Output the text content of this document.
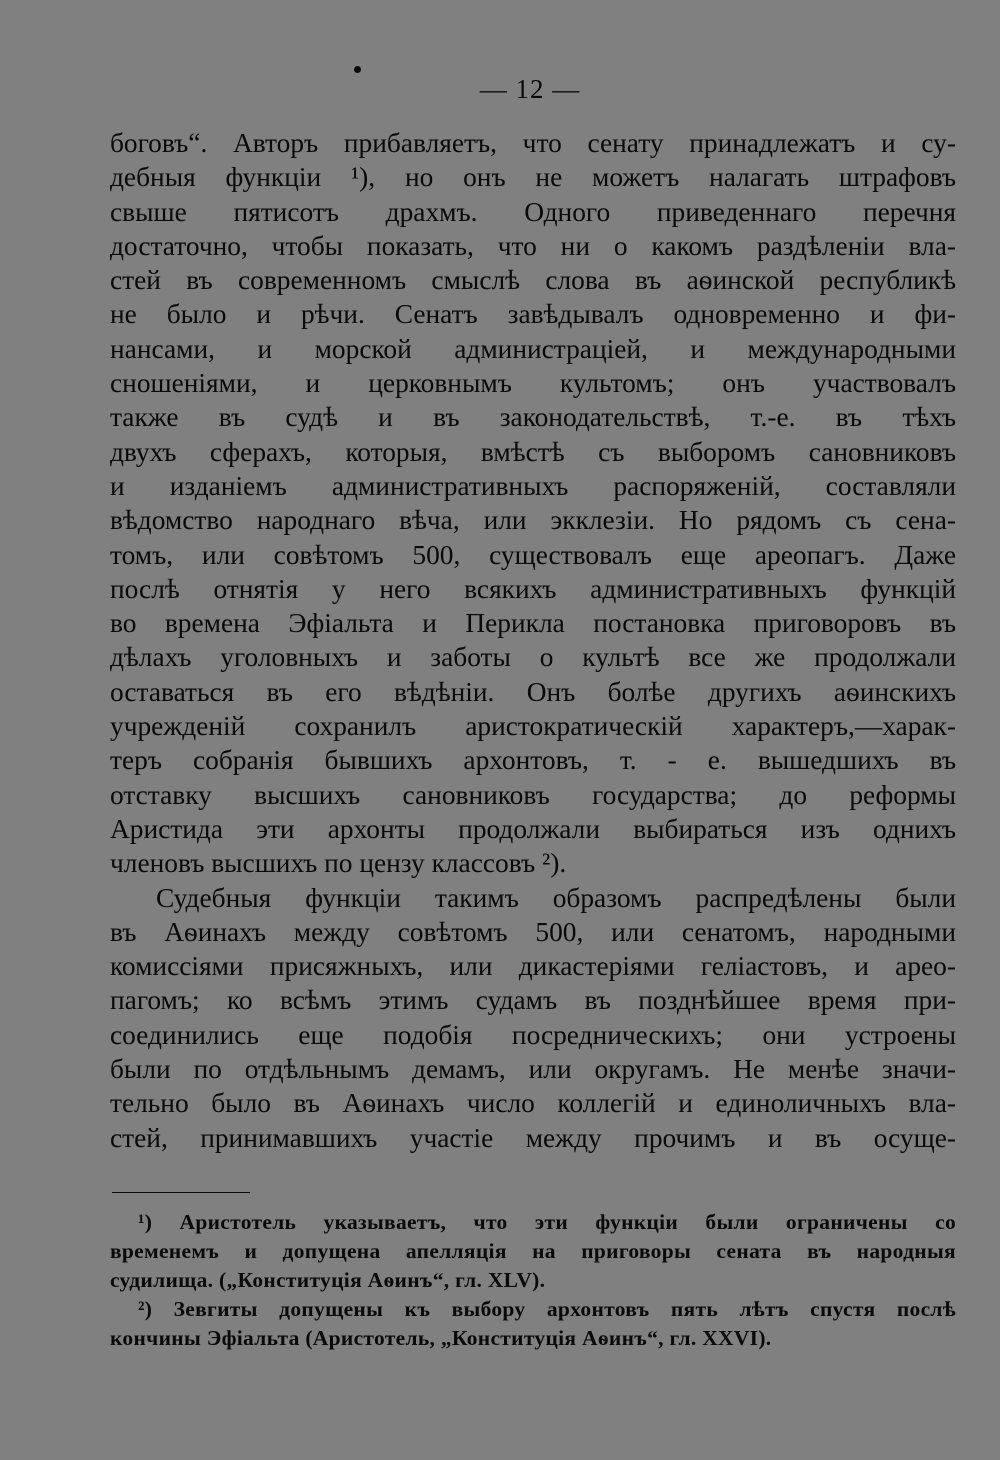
— 12 —
боговъ“. Авторъ прибавляетъ, что сенату принадлежатъ и су-
дебныя функціи ¹), но онъ не можетъ налагать штрафовъ
свыше пятисотъ драхмъ. Одного приведеннаго перечня
достаточно, чтобы показать, что ни о какомъ раздѣленіи вла-
стей въ современномъ смыслѣ слова въ аѳинской республикѣ
не было и рѣчи. Сенатъ завѣдывалъ одновременно и фи-
нансами, и морской администраціей, и международными
сношеніями, и церковнымъ культомъ; онъ участвовалъ
также въ судѣ и въ законодательствѣ, т.-е. въ тѣхъ
двухъ сферахъ, которыя, вмѣстѣ съ выборомъ сановниковъ
и изданіемъ административныхъ распоряженій, составляли
вѣдомство народнаго вѣча, или экклезіи. Но рядомъ съ сена-
томъ, или совѣтомъ 500, существовалъ еще ареопагъ. Даже
послѣ отнятія у него всякихъ административныхъ функцій
во времена Эфіальта и Перикла постановка приговоровъ въ
дѣлахъ уголовныхъ и заботы о культѣ все же продолжали
оставаться въ его вѣдѣніи. Онъ болѣе другихъ аѳинскихъ
учрежденій сохранилъ аристократическій характеръ,—харак-
теръ собранія бывшихъ архонтовъ, т. - е. вышедшихъ въ
отставку высшихъ сановниковъ государства; до реформы
Аристида эти архонты продолжали выбираться изъ однихъ
членовъ высшихъ по цензу классовъ ²).
Судебныя функціи такимъ образомъ распредѣлены были
въ Аѳинахъ между совѣтомъ 500, или сенатомъ, народными
комиссіями присяжныхъ, или дикастеріями геліастовъ, и арео-
пагомъ; ко всѣмъ этимъ судамъ въ позднѣйшее время при-
соединились еще подобія посредническихъ; они устроены
были по отдѣльнымъ демамъ, или округамъ. Не менѣе значи-
тельно было въ Аѳинахъ число коллегій и единоличныхъ вла-
стей, принимавшихъ участіе между прочимъ и въ осуще-
¹) Аристотель указываетъ, что эти функціи были ограничены со
временемъ и допущена апелляція на приговоры сената въ народныя
судилища. („Конституція Аѳинъ“, гл. XLV).
²) Зевгиты допущены къ выбору архонтовъ пять лѣтъ спустя послѣ
кончины Эфіальта (Аристотель, „Конституція Аѳинъ“, гл. XXVI).
